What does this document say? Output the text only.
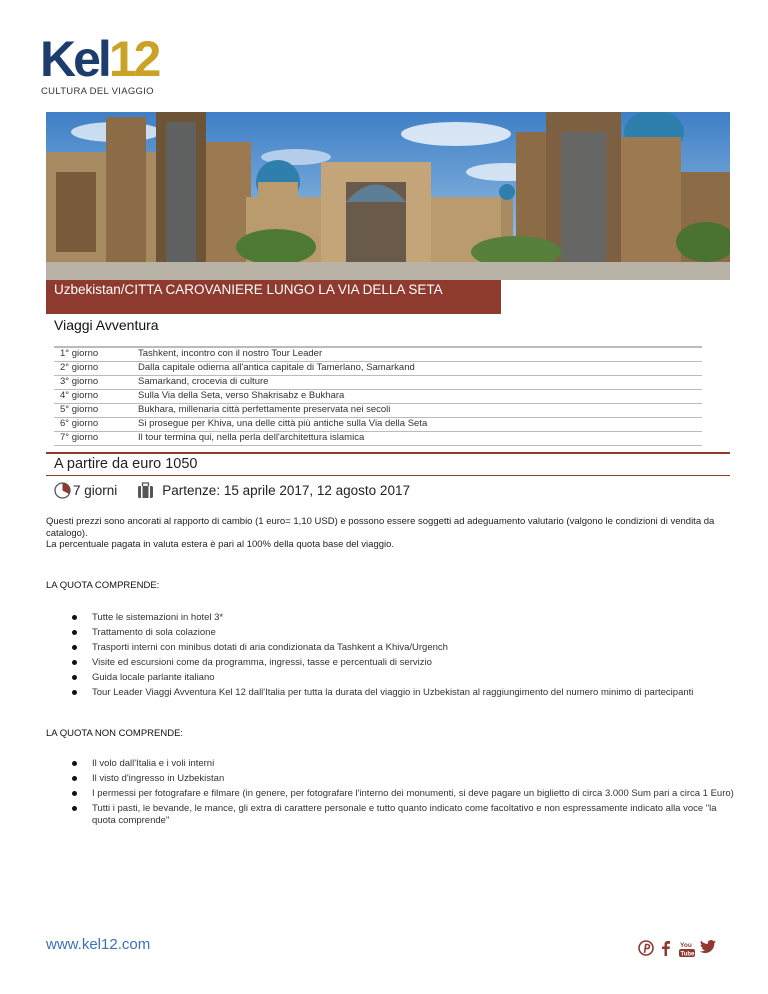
Kel12
CULTURA DEL VIAGGIO
Uzbekistan/CITTA CAROVANIERE LUNGO LA VIA DELLA SETA
Viaggi Avventura
1° giorno	Tashkent, incontro con il nostro Tour Leader
2° giorno	Dalla capitale odierna all'antica capitale di Tamerlano, Samarkand
3° giorno	Samarkand, crocevia di culture
4° giorno	Sulla Via della Seta, verso Shakrisabz e Bukhara
5° giorno	Bukhara, millenaria città perfettamente preservata nei secoli
6° giorno	Si prosegue per Khiva, una delle città più antiche sulla Via della Seta
7° giorno	Il tour termina qui, nella perla dell'architettura islamica
A partire da euro 1050
7 giorni	Partenze: 15 aprile 2017, 12 agosto 2017
Questi prezzi sono ancorati al rapporto di cambio (1 euro= 1,10 USD) e possono essere soggetti ad adeguamento valutario (valgono le condizioni di vendita da catalogo).
La percentuale pagata in valuta estera è pari al 100% della quota base del viaggio.
LA QUOTA COMPRENDE:
Tutte le sistemazioni in hotel 3*
Trattamento di sola colazione
Trasporti interni con minibus dotati di aria condizionata da Tashkent a Khiva/Urgench
Visite ed escursioni come da programma, ingressi, tasse e percentuali di servizio
Guida locale parlante italiano
Tour Leader Viaggi Avventura Kel 12 dall'Italia per tutta la durata del viaggio in Uzbekistan al raggiungimento del numero minimo di partecipanti
LA QUOTA NON COMPRENDE:
Il volo dall'Italia e i voli interni
Il visto d'ingresso in Uzbekistan
I permessi per fotografare e filmare (in genere, per fotografare l'interno dei monumenti, si deve pagare un biglietto di circa 3.000 Sum pari a circa 1 Euro)
Tutti i pasti, le bevande, le mance, gli extra di carattere personale e tutto quanto indicato come facoltativo e non espressamente indicato alla voce "la quota comprende"
www.kel12.com	You
Tube
